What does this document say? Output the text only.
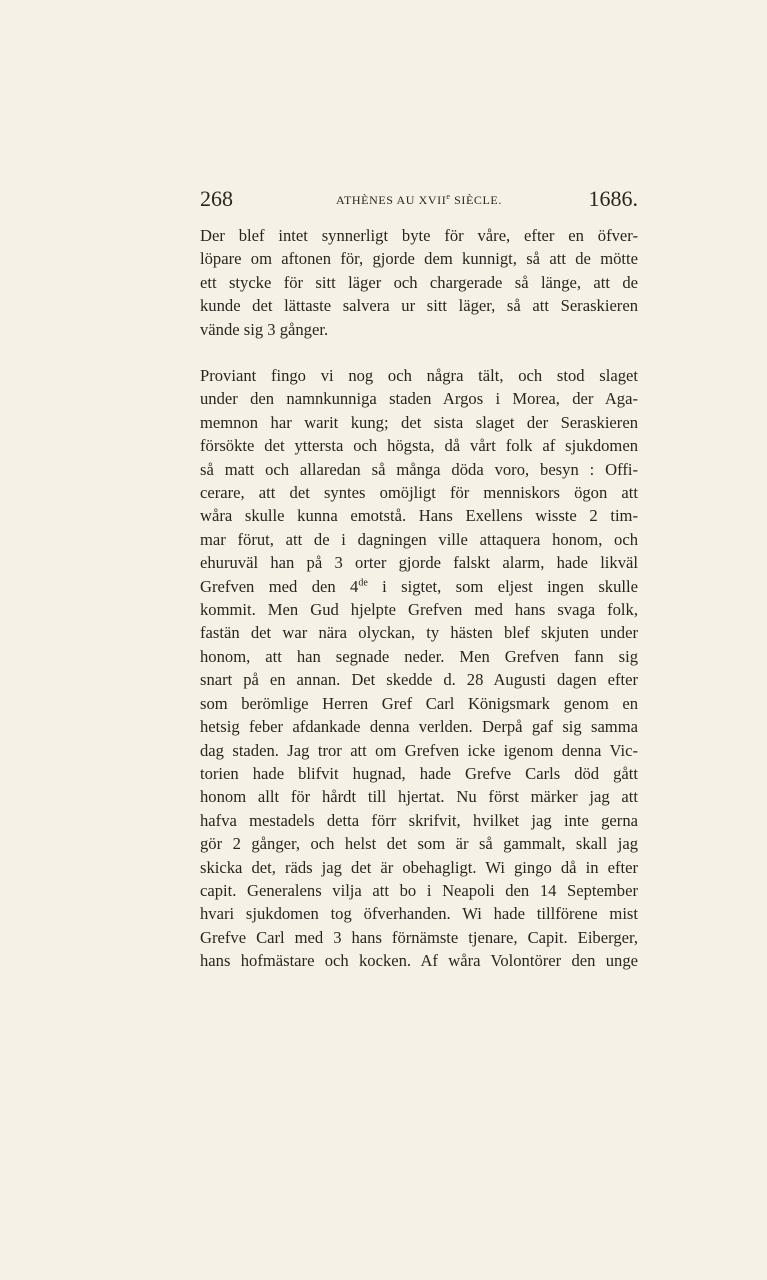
268	ATHÈNES AU XVIIe SIÈCLE.	1686.
Der blef intet synnerligt byte för våre, efter en öfver-
löpare om aftonen för, gjorde dem kunnigt, så att de mötte
ett stycke för sitt läger och chargerade så länge, att de
kunde det lättaste salvera ur sitt läger, så att Seraskieren
vände sig 3 gånger.
Proviant fingo vi nog och några tält, och stod slaget
under den namnkunniga staden Argos i Morea, der Aga-
memnon har warit kung; det sista slaget der Seraskieren
försökte det yttersta och högsta, då vårt folk af sjukdomen
så matt och allaredan så många döda voro, besyn : Offi-
cerare, att det syntes omöjligt för menniskors ögon att
wåra skulle kunna emotstå. Hans Exellens wisste 2 tim-
mar förut, att de i dagningen ville attaquera honom, och
ehuruväl han på 3 orter gjorde falskt alarm, hade likväl
Grefven med den 4de i sigtet, som eljest ingen skulle
kommit. Men Gud hjelpte Grefven med hans svaga folk,
fastän det war nära olyckan, ty hästen blef skjuten under
honom, att han segnade neder. Men Grefven fann sig
snart på en annan. Det skedde d. 28 Augusti dagen efter
som berömlige Herren Gref Carl Königsmark genom en
hetsig feber afdankade denna verlden. Derpå gaf sig samma
dag staden. Jag tror att om Grefven icke igenom denna Vic-
torien hade blifvit hugnad, hade Grefve Carls död gått
honom allt för hårdt till hjertat. Nu först märker jag att
hafva mestadels detta förr skrifvit, hvilket jag inte gerna
gör 2 gånger, och helst det som är så gammalt, skall jag
skicka det, räds jag det är obehagligt. Wi gingo då in efter
capit. Generalens vilja att bo i Neapoli den 14 September
hvari sjukdomen tog öfverhanden. Wi hade tillförene mist
Grefve Carl med 3 hans förnämste tjenare, Capit. Eiberger,
hans hofmästare och kocken. Af wåra Volontörer den unge
